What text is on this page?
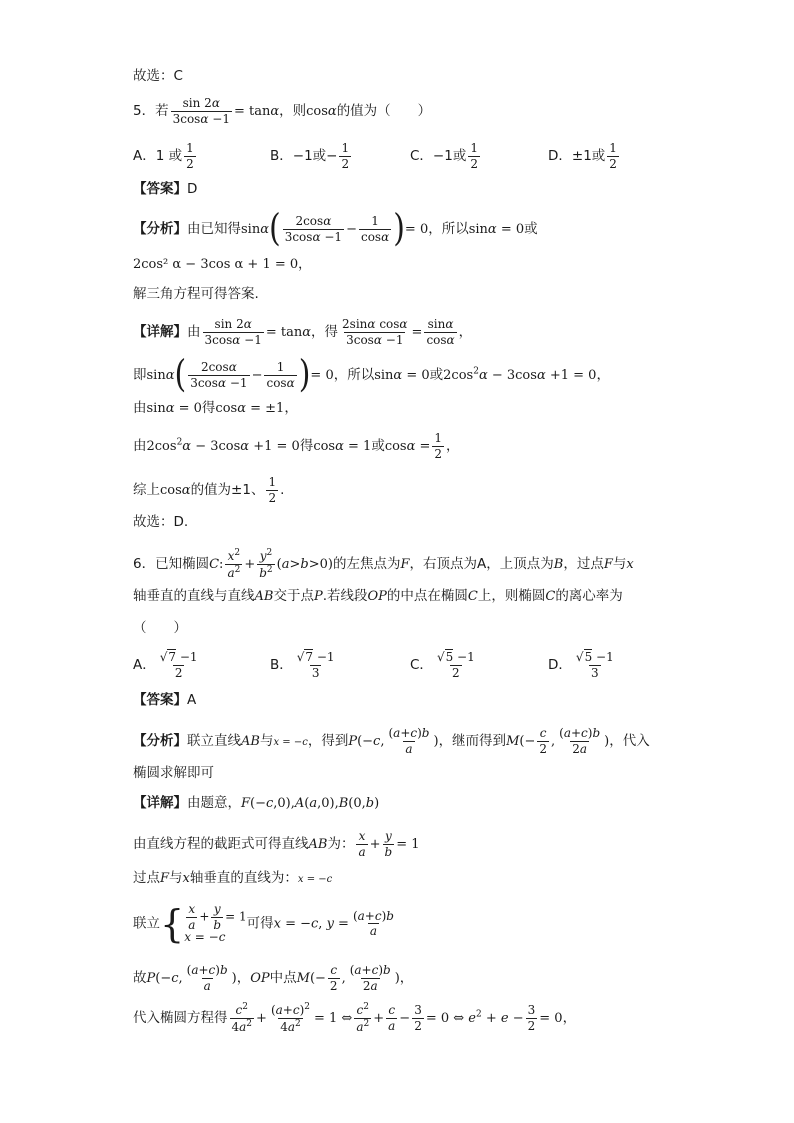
故选：C
5．若 $\frac{\sin 2\alpha}{3\cos\alpha -1} = \tan\alpha$，则cosα的值为（　　）
A．1 或 $\frac{1}{2}$	B．−1或− $\frac{1}{2}$	C．−1或 $\frac{1}{2}$	D．±1或 $\frac{1}{2}$
【答案】D
【分析】由已知得$\sin\alpha( \frac{2\cos\alpha}{3\cos\alpha -1} - \frac{1}{\cos\alpha}$ )= 0，所以sinα = 0或
2cos² α − 3cos α + 1 = 0，
解三角方程可得答案.
【详解】由 $\frac{\sin 2\alpha}{3\cos\alpha -1} = \tan\alpha$，得 $\frac{\text{2sinα cosα}}{3\cos\alpha -1} = \frac{\sin\alpha}{\cos\alpha}$ ，
即$\sin\alpha( \frac{2\cos\alpha}{3\cos\alpha -1} - \frac{1}{\cos\alpha}$ )= 0，所以sinα = 0或$2\cos^2\alpha - 3\cos\alpha +1 = 0$，
由sinα = 0得cosα = ±1，
由$2\cos^2\alpha - 3\cos\alpha +1 = 0$得cosα = 1或$\cos\alpha = \frac{1}{2}$ ，
综上cosα的值为±1、 $\frac{1}{2}$ .
故选：D.
6．已知椭圆C: $\frac{x^2}{a^2} + \frac{y^2}{b^2} (a>b>0)$的左焦点为F，右顶点为A，上顶点为B，过点F与x
轴垂直的直线与直线AB交于点P.若线段OP的中点在椭圆C上，则椭圆C的离心率为
（　　）
A． $\frac{√7 -1}{2}$	B． $\frac{√7 -1}{3}$	C． $\frac{√5 -1}{2}$	D． $\frac{√5 -1}{3}$
【答案】A
【分析】联立直线AB与x = −c，得到P(−c, $\frac{(a+c)b}{a}$ )，继而得到$M(- \frac{c}{2}$ , $\frac{(a+c)b}{2a}$ )，代入
椭圆求解即可
【详解】由题意，F(−c,0),A(a,0),B(0,b)
由直线方程的截距式可得直线AB为： $\frac{x}{a} + \frac{y}{b} = 1$
过点F与x轴垂直的直线为：x = −c
联立{ $\frac{x}{a} + \frac{y}{b} = 1$
x = −c
可得x = −c, $y = \frac{(a+c)b}{a}$
故P(−c, $\frac{(a+c)b}{a}$ )，OP中点$M(- \frac{c}{2}$ , $\frac{(a+c)b}{2a}$ )，
代入椭圆方程得 $\frac{c^2}{4a^2} + \frac{(a+c)^2}{4a^2} = 1$ ⇔ $\frac{c^2}{a^2} + \frac{c}{a} - \frac{3}{2} = 0$ ⇔ $e^2 + e - \frac{3}{2} = 0$，
